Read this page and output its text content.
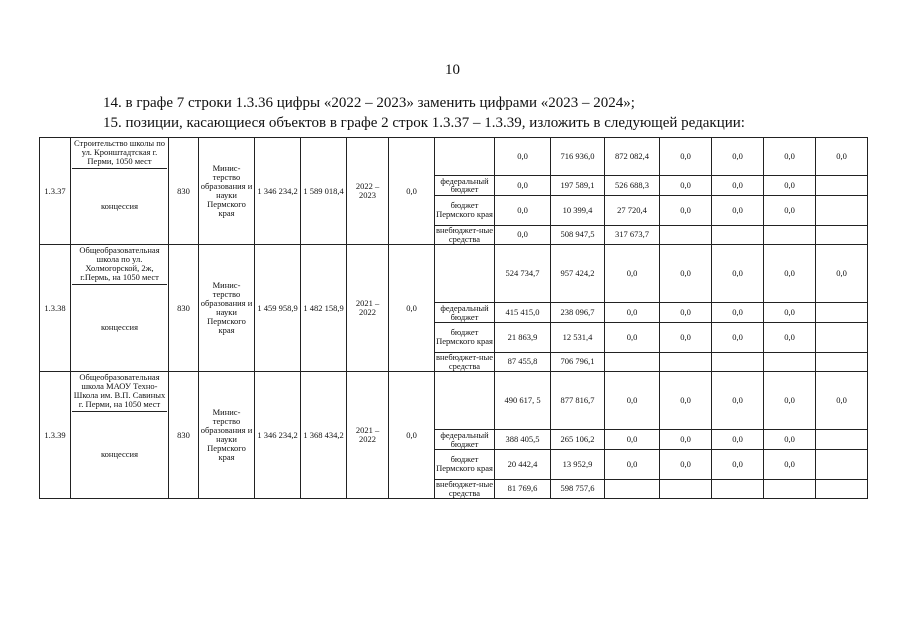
10
14. в графе 7 строки 1.3.36 цифры «2022 – 2023» заменить цифрами «2023 – 2024»;
15. позиции, касающиеся объектов в графе 2 строк 1.3.37 – 1.3.39, изложить в следующей редакции:
1.3.37	Строительство школы по ул. Кронштадтская г. Перми, 1050 мест
концессия	830	Минис-терство образования и науки Пермского края	1 346 234,2	1 589 018,4	2022 – 2023	0,0		0,0	716 936,0	872 082,4	0,0	0,0	0,0	0,0
								федеральный бюджет	0,0	197 589,1	526 688,3	0,0	0,0	0,0	
								бюджет Пермского края	0,0	10 399,4	27 720,4	0,0	0,0	0,0	
								внебюджет-ные средства	0,0	508 947,5	317 673,7				
1.3.38	Общеобразовательная школа по ул. Холмогорской, 2ж, г.Пермь, на 1050 мест
концессия	830	Минис-терство образования и науки Пермского края	1 459 958,9	1 482 158,9	2021 – 2022	0,0		524 734,7	957 424,2	0,0	0,0	0,0	0,0	0,0
								федеральный бюджет	415 415,0	238 096,7	0,0	0,0	0,0	0,0	
								бюджет Пермского края	21 863,9	12 531,4	0,0	0,0	0,0	0,0	
								внебюджет-ные средства	87 455,8	706 796,1					
1.3.39	Общеобразовательная школа МАОУ Техно-Школа им. В.П. Савиных г. Перми, на 1050 мест
концессия	830	Минис-терство образования и науки Пермского края	1 346 234,2	1 368 434,2	2021 – 2022	0,0		490 617, 5	877 816,7	0,0	0,0	0,0	0,0	0,0
								федеральный бюджет	388 405,5	265 106,2	0,0	0,0	0,0	0,0	
								бюджет Пермского края	20 442,4	13 952,9	0,0	0,0	0,0	0,0	
								внебюджет-ные средства	81 769,6	598 757,6					
